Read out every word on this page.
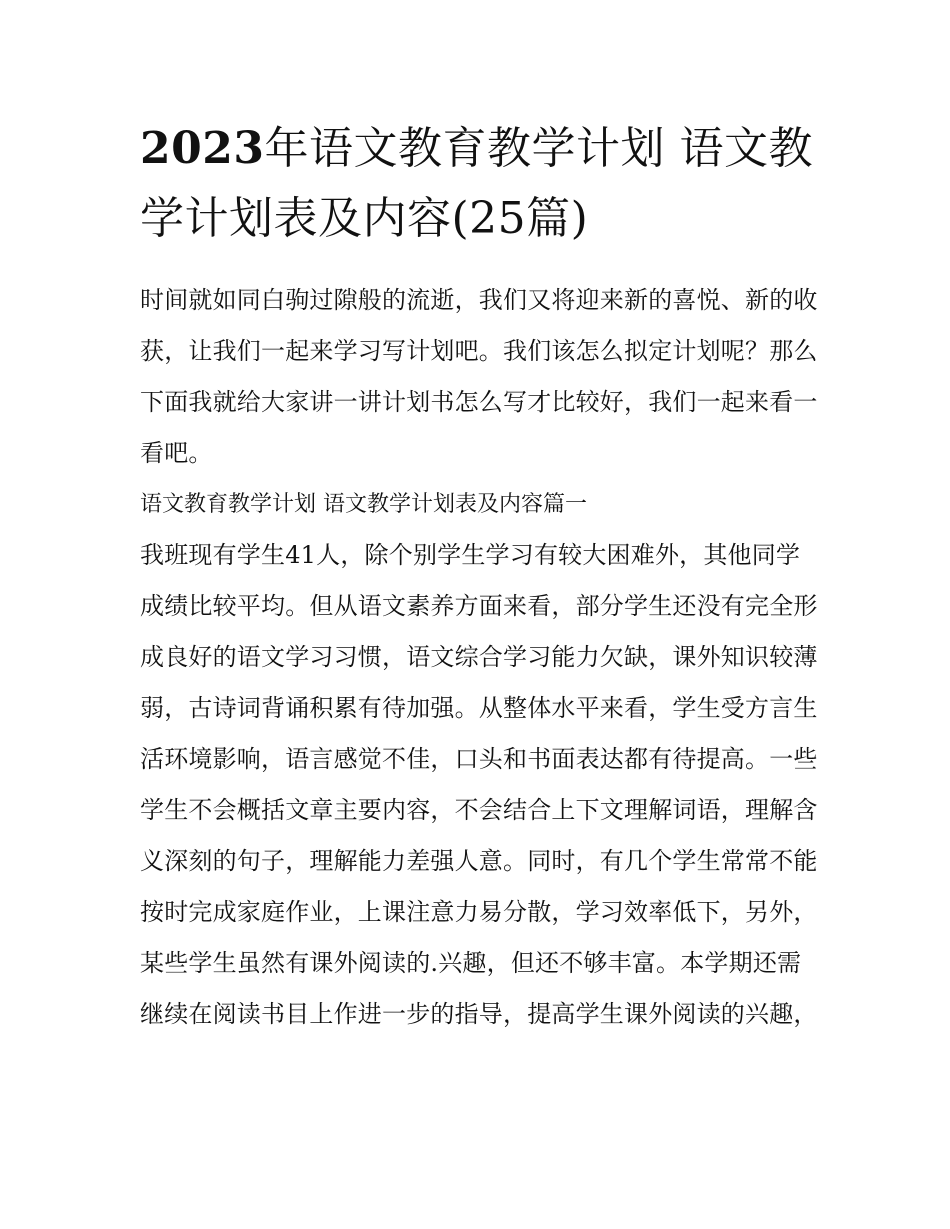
2023年语文教育教学计划 语文教学计划表及内容(25篇)

时间就如同白驹过隙般的流逝，我们又将迎来新的喜悦、新的收获，让我们一起来学习写计划吧。我们该怎么拟定计划呢？那么下面我就给大家讲一讲计划书怎么写才比较好，我们一起来看一看吧。

语文教育教学计划 语文教学计划表及内容篇一

我班现有学生41人，除个别学生学习有较大困难外，其他同学成绩比较平均。但从语文素养方面来看，部分学生还没有完全形成良好的语文学习习惯，语文综合学习能力欠缺，课外知识较薄弱，古诗词背诵积累有待加强。从整体水平来看，学生受方言生活环境影响，语言感觉不佳，口头和书面表达都有待提高。一些学生不会概括文章主要内容，不会结合上下文理解词语，理解含义深刻的句子，理解能力差强人意。同时，有几个学生常常不能按时完成家庭作业，上课注意力易分散，学习效率低下，另外，某些学生虽然有课外阅读的.兴趣，但还不够丰富。本学期还需继续在阅读书目上作进一步的指导，提高学生课外阅读的兴趣，
